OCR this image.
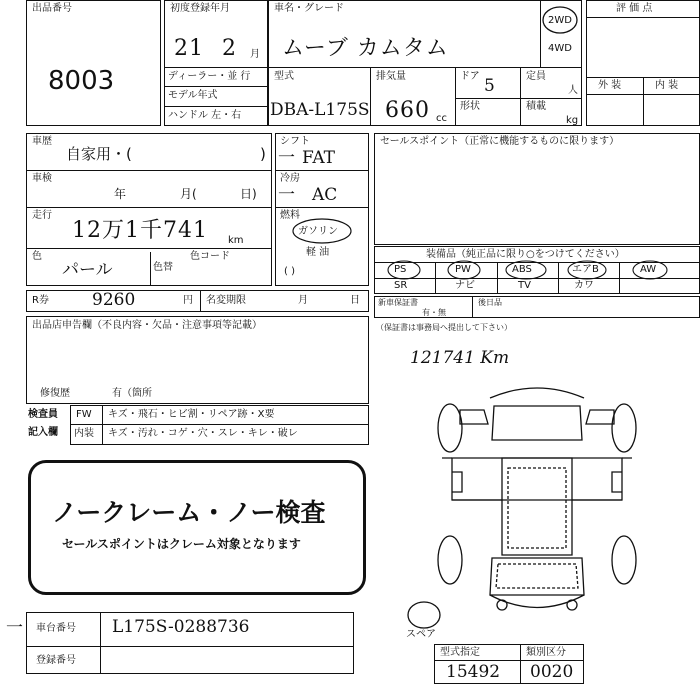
出品番号
8003
初度登録年月
21 2 月
ディーラー・並 行
モデル年式
ハンドル 左・右
車名・グレード
ムーブ カムタム
2WD
4WD
型式
DBA-L175S
排気量
660 cc
ドア 5	定員
人
形状	積載
kg
評 価 点
外 装	内 装
車歴
自家用・(	)
車検
年	月(	日)
走行
12万1千741 km
色
パール	色替
色コード
シフト
一 FAT
冷房
一 AC
燃料
ガソリン
軽 油
( )
R券	9260	円 名変期限	月	日
出品店申告欄（不良内容・欠品・注意事項等記載）
修復歴	有（箇所
検査員
記入欄
FW キズ・飛石・ヒビ割・リペア跡・X要
内装 キズ・汚れ・コゲ・穴・スレ・キレ・破レ
ノークレーム・ノー検査
セールスポイントはクレーム対象となります
セールスポイント（正常に機能するものに限ります）
装備品（純正品に限り○をつけてください）
PS	PW	ABS	エアB	AW
SR	ナビ	TV	カワ
新車保証書
有・無
後日品
（保証書は事務局へ提出して下さい）
121741 Km
スペア
一 車台番号 L175S-0288736
登録番号
型式指定	類別区分
15492 0020
